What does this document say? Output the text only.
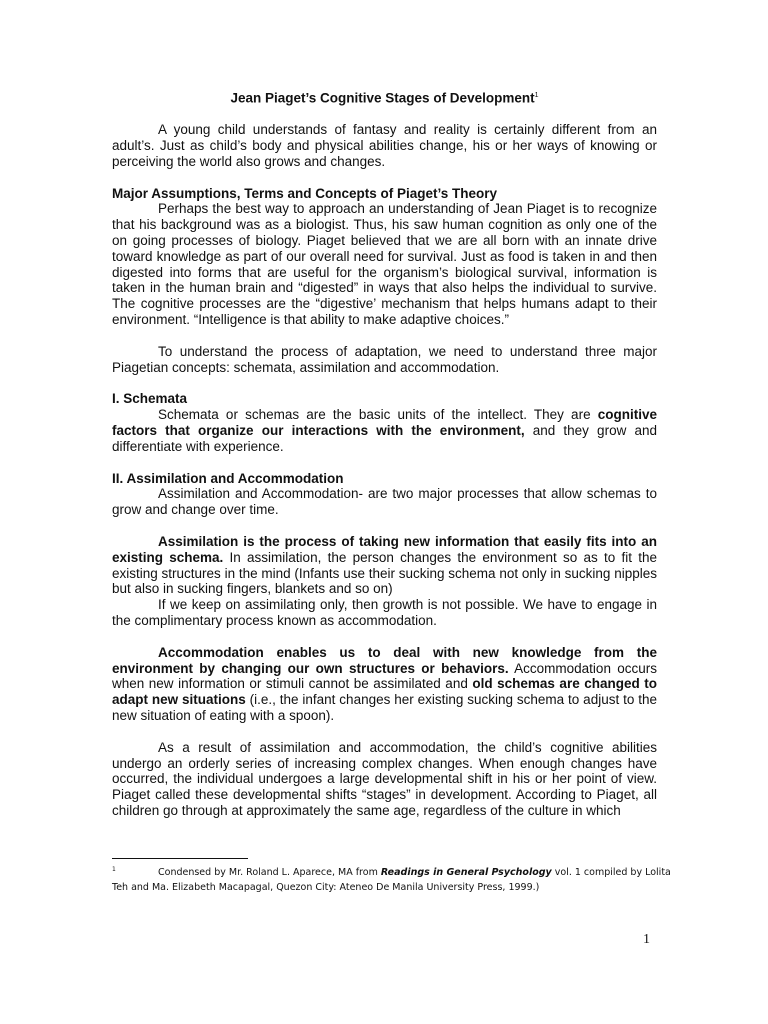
Jean Piaget’s Cognitive Stages of Development$^1$

A young child understands of fantasy and reality is certainly different from an adult’s. Just as child’s body and physical abilities change, his or her ways of knowing or perceiving the world also grows and changes.

Major Assumptions, Terms and Concepts of Piaget’s Theory

Perhaps the best way to approach an understanding of Jean Piaget is to recognize that his background was as a biologist. Thus, his saw human cognition as only one of the on going processes of biology. Piaget believed that we are all born with an innate drive toward knowledge as part of our overall need for survival. Just as food is taken in and then digested into forms that are useful for the organism’s biological survival, information is taken in the human brain and “digested” in ways that also helps the individual to survive. The cognitive processes are the “digestive’ mechanism that helps humans adapt to their environment. “Intelligence is that ability to make adaptive choices.”

To understand the process of adaptation, we need to understand three major Piagetian concepts: schemata, assimilation and accommodation.

I. Schemata

Schemata or schemas are the basic units of the intellect. They are cognitive factors that organize our interactions with the environment, and they grow and differentiate with experience.

II. Assimilation and Accommodation

Assimilation and Accommodation- are two major processes that allow schemas to grow and change over time.

Assimilation is the process of taking new information that easily fits into an existing schema. In assimilation, the person changes the environment so as to fit the existing structures in the mind (Infants use their sucking schema not only in sucking nipples but also in sucking fingers, blankets and so on)

If we keep on assimilating only, then growth is not possible. We have to engage in the complimentary process known as accommodation.

Accommodation enables us to deal with new knowledge from the environment by changing our own structures or behaviors. Accommodation occurs when new information or stimuli cannot be assimilated and old schemas are changed to adapt new situations (i.e., the infant changes her existing sucking schema to adjust to the new situation of eating with a spoon).

As a result of assimilation and accommodation, the child’s cognitive abilities undergo an orderly series of increasing complex changes. When enough changes have occurred, the individual undergoes a large developmental shift in his or her point of view. Piaget called these developmental shifts “stages” in development. According to Piaget, all children go through at approximately the same age, regardless of the culture in which

$^1$	Condensed by Mr. Roland L. Aparece, MA from Readings in General Psychology vol. 1 compiled by Lolita Teh and Ma. Elizabeth Macapagal, Quezon City: Ateneo De Manila University Press, 1999.)
1
